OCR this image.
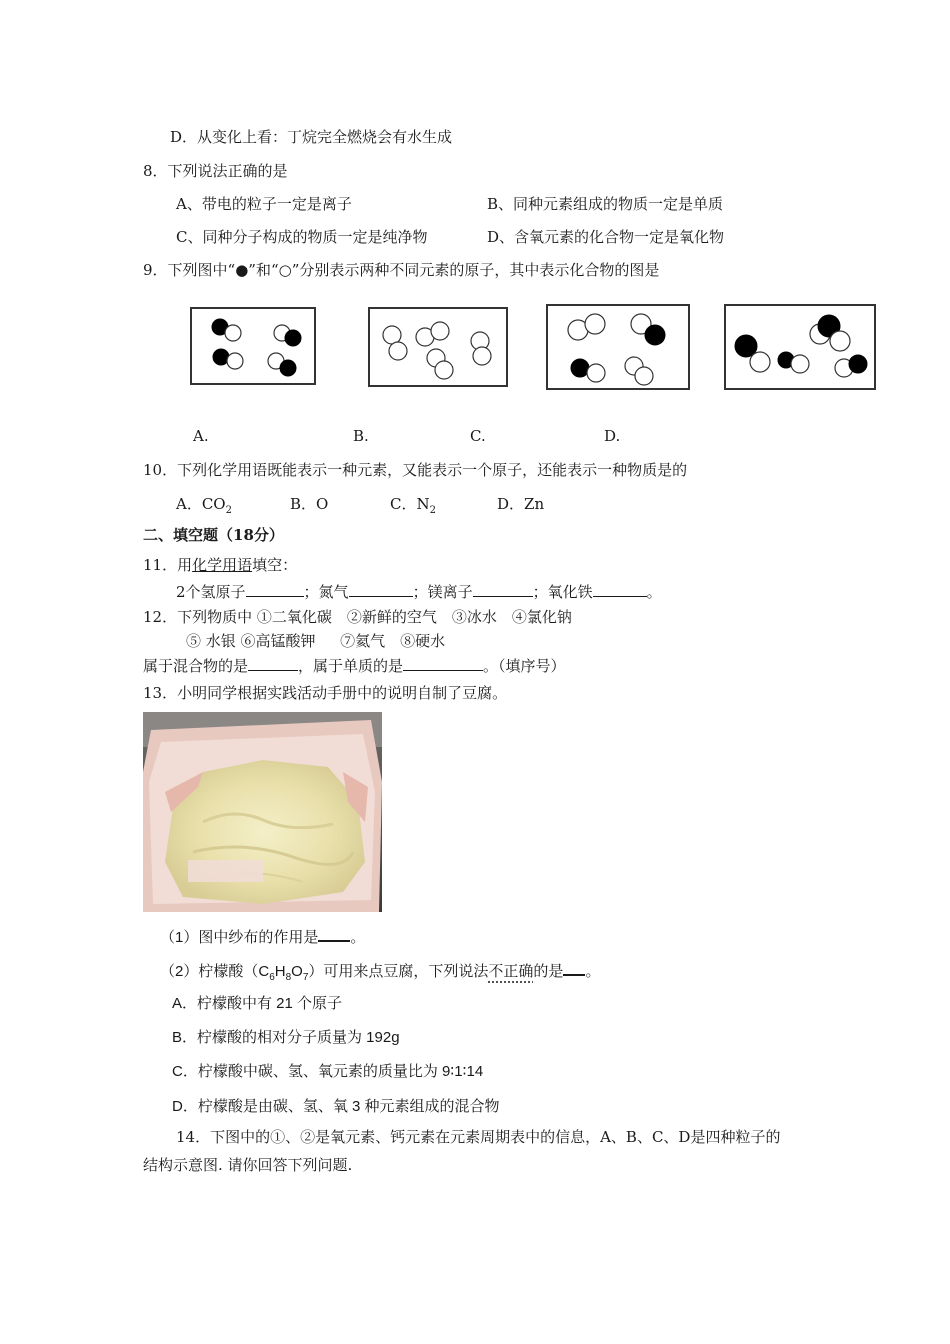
D．从变化上看：丁烷完全燃烧会有水生成
8．下列说法正确的是
A、带电的粒子一定是离子	B、同种元素组成的物质一定是单质
C、同种分子构成的物质一定是纯净物	D、含氧元素的化合物一定是氧化物
9．下列图中“●”和“○”分别表示两种不同元素的原子，其中表示化合物的图是
A.	B.	C.	D.
10．下列化学用语既能表示一种元素，又能表示一个原子，还能表示一种物质是的
A．$CO_2$	B．O	C．$N_2$	D．Zn
二、填空题（18分）
11．用化学用语填空：
2个氢原子	；氮气	；镁离子	；氧化铁	。
12．下列物质中 ①二氧化碳　②新鲜的空气　③冰水　④氯化钠
⑤ 水银 ⑥高锰酸钾 　 ⑦氦气　⑧硬水
属于混合物的是	，属于单质的是	。（填序号）
13．小明同学根据实践活动手册中的说明自制了豆腐。
（1）图中纱布的作用是 。
（2）柠檬酸$(C_6H_8O_7)$可用来点豆腐，下列说法不正确的是 。
A．柠檬酸中有 21 个原子
B．柠檬酸的相对分子质量为 192g
C．柠檬酸中碳、氢、氧元素的质量比为 9∶1∶14
D．柠檬酸是由碳、氢、氧 3 种元素组成的混合物
14．下图中的①、②是氧元素、钙元素在元素周期表中的信息，A、B、C、D是四种粒子的
结构示意图. 请你回答下列问题.
